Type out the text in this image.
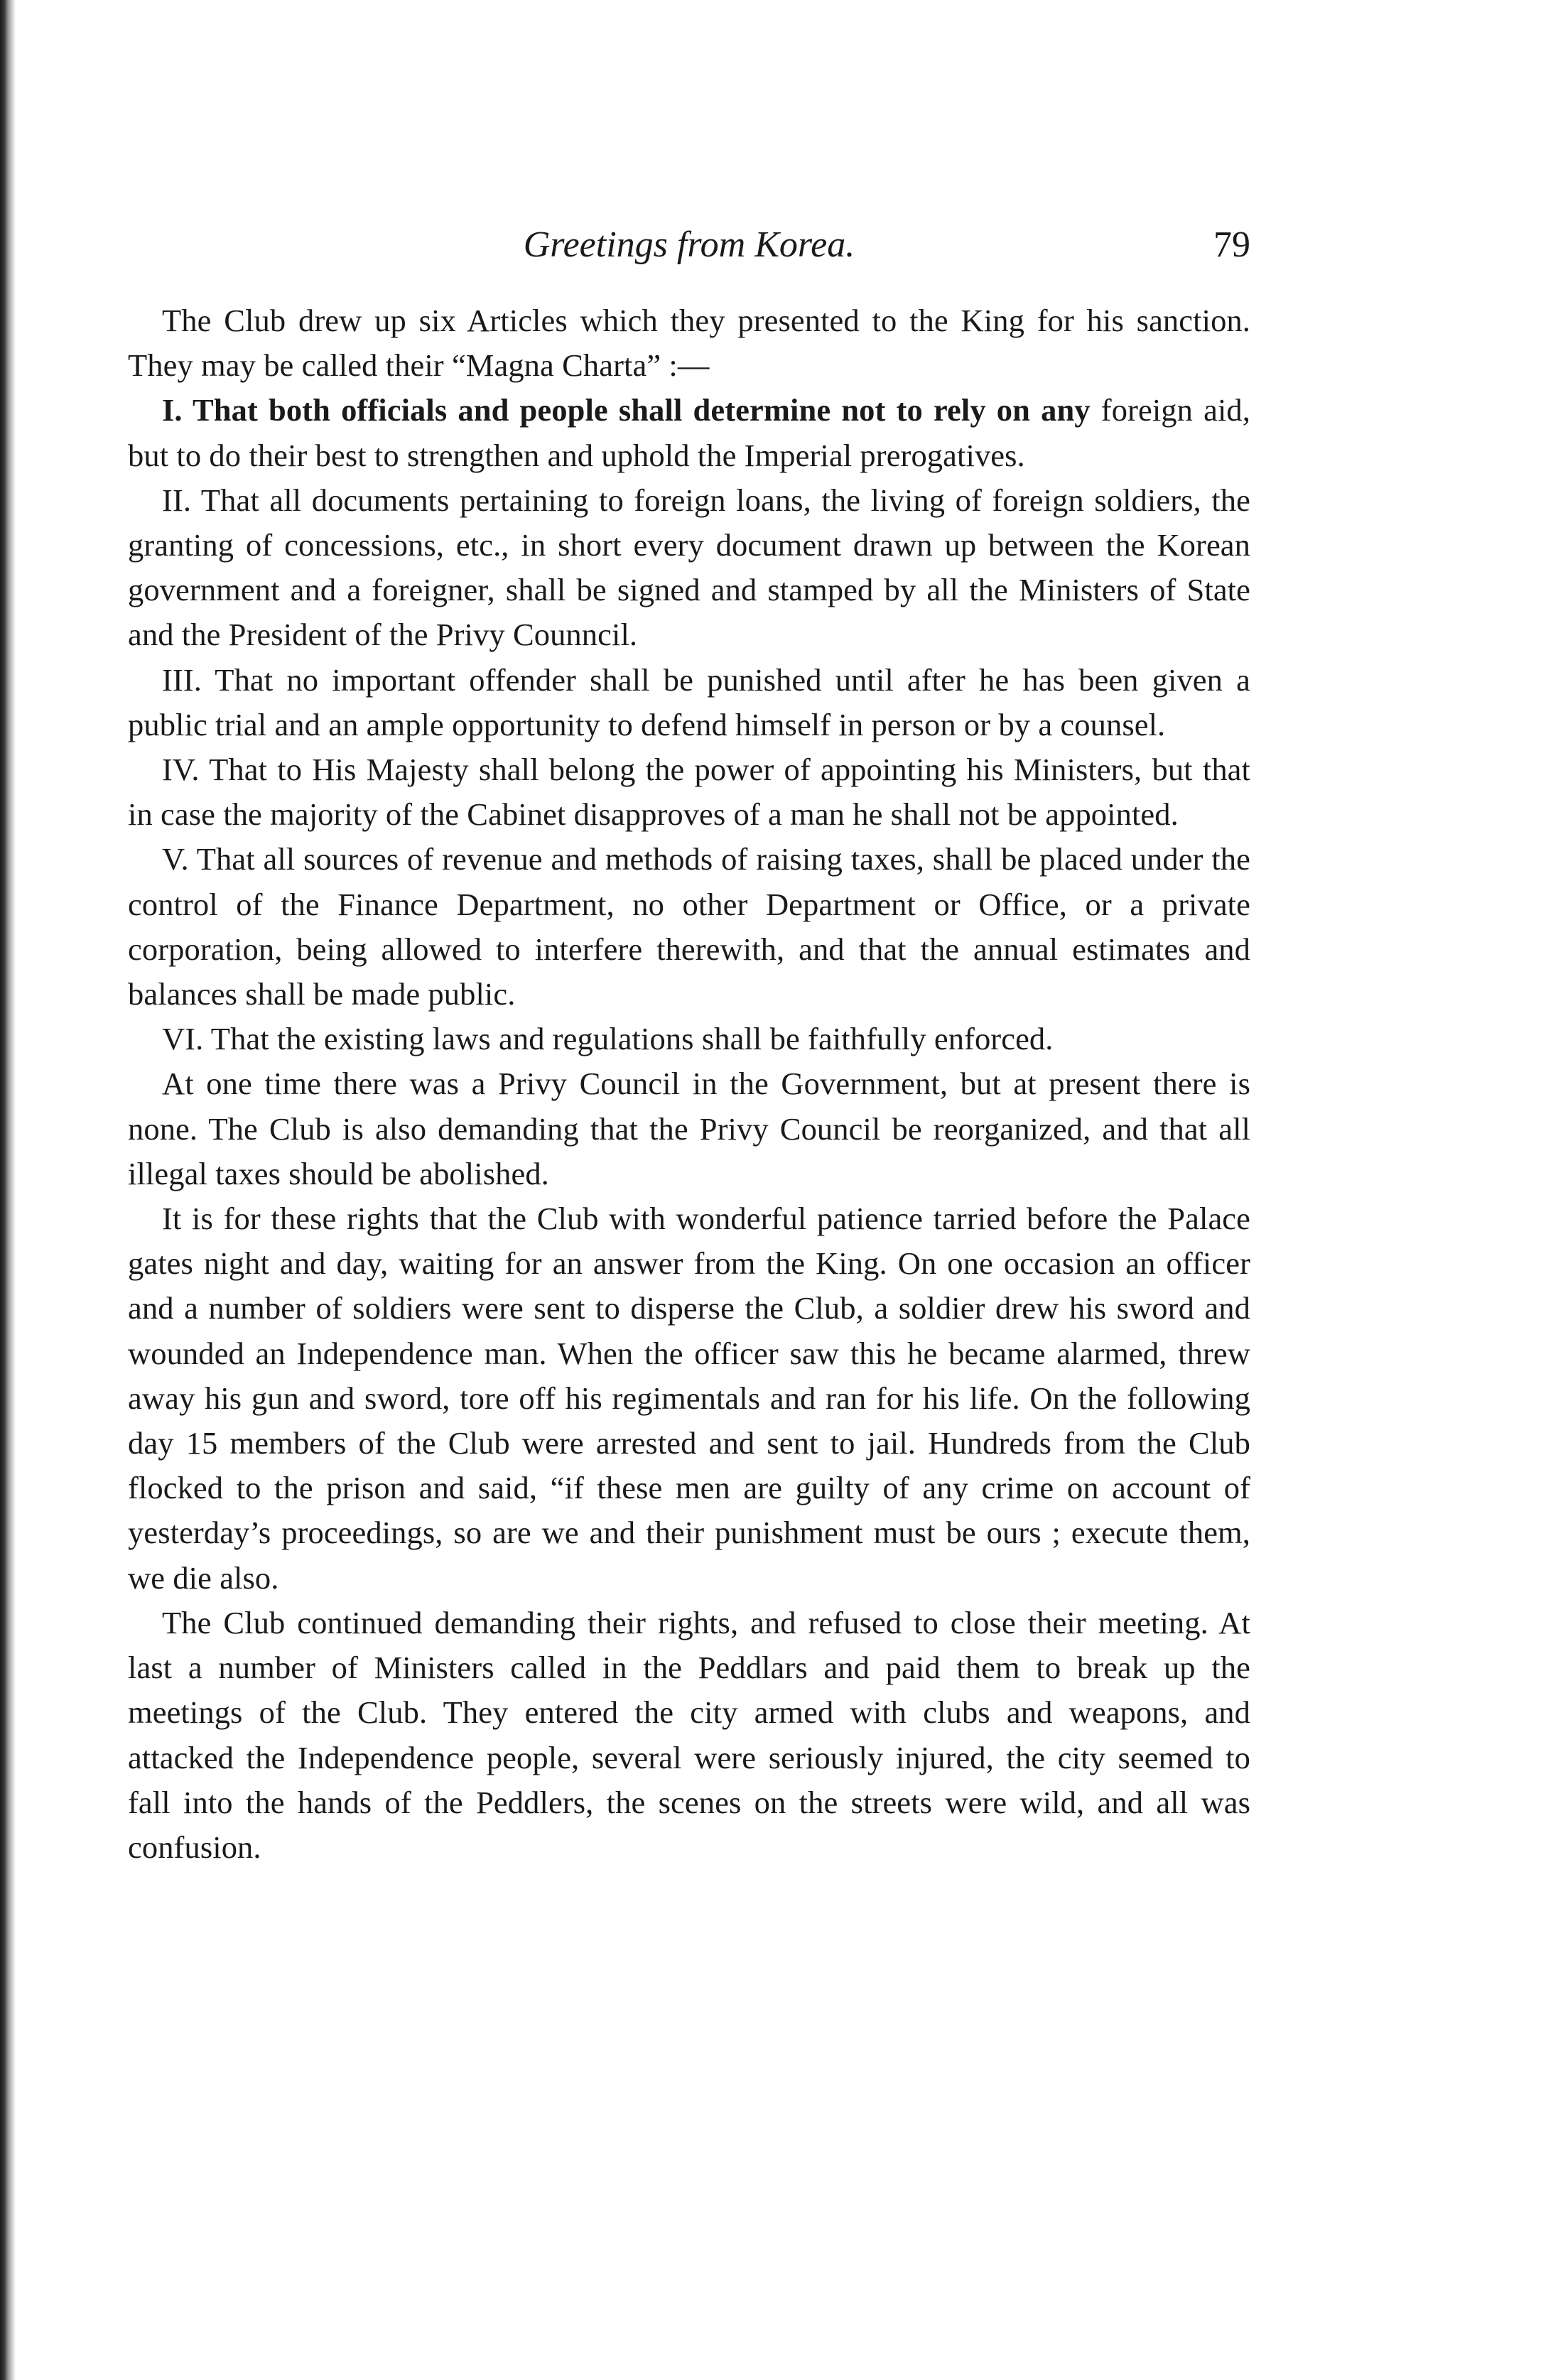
Greetings from Korea.	79

The Club drew up six Articles which they presented to the King for his sanction. They may be called their “Magna Charta” :—

I. That both officials and people shall determine not to rely on any foreign aid, but to do their best to strengthen and uphold the Imperial prerogatives.

II. That all documents pertaining to foreign loans, the living of foreign soldiers, the granting of concessions, etc., in short every document drawn up between the Korean government and a foreigner, shall be signed and stamped by all the Ministers of State and the President of the Privy Counncil.

III. That no important offender shall be punished until after he has been given a public trial and an ample opportunity to defend himself in person or by a counsel.

IV. That to His Majesty shall belong the power of appointing his Ministers, but that in case the majority of the Cabinet disapproves of a man he shall not be appointed.

V. That all sources of revenue and methods of raising taxes, shall be placed under the control of the Finance Department, no other Department or Office, or a private corporation, being allowed to interfere therewith, and that the annual estimates and balances shall be made public.

VI. That the existing laws and regulations shall be faithfully enforced.

At one time there was a Privy Council in the Government, but at present there is none. The Club is also demanding that the Privy Council be reorganized, and that all illegal taxes should be abolished.

It is for these rights that the Club with wonderful patience tarried before the Palace gates night and day, waiting for an answer from the King. On one occasion an officer and a number of soldiers were sent to disperse the Club, a soldier drew his sword and wounded an Independence man. When the officer saw this he became alarmed, threw away his gun and sword, tore off his regimentals and ran for his life. On the following day 15 members of the Club were arrested and sent to jail. Hundreds from the Club flocked to the prison and said, “if these men are guilty of any crime on account of yesterday’s proceedings, so are we and their punishment must be ours ; execute them, we die also.

The Club continued demanding their rights, and refused to close their meeting. At last a number of Ministers called in the Peddlars and paid them to break up the meetings of the Club. They entered the city armed with clubs and weapons, and attacked the Independence people, several were seriously injured, the city seemed to fall into the hands of the Peddlers, the scenes on the streets were wild, and all was confusion.
